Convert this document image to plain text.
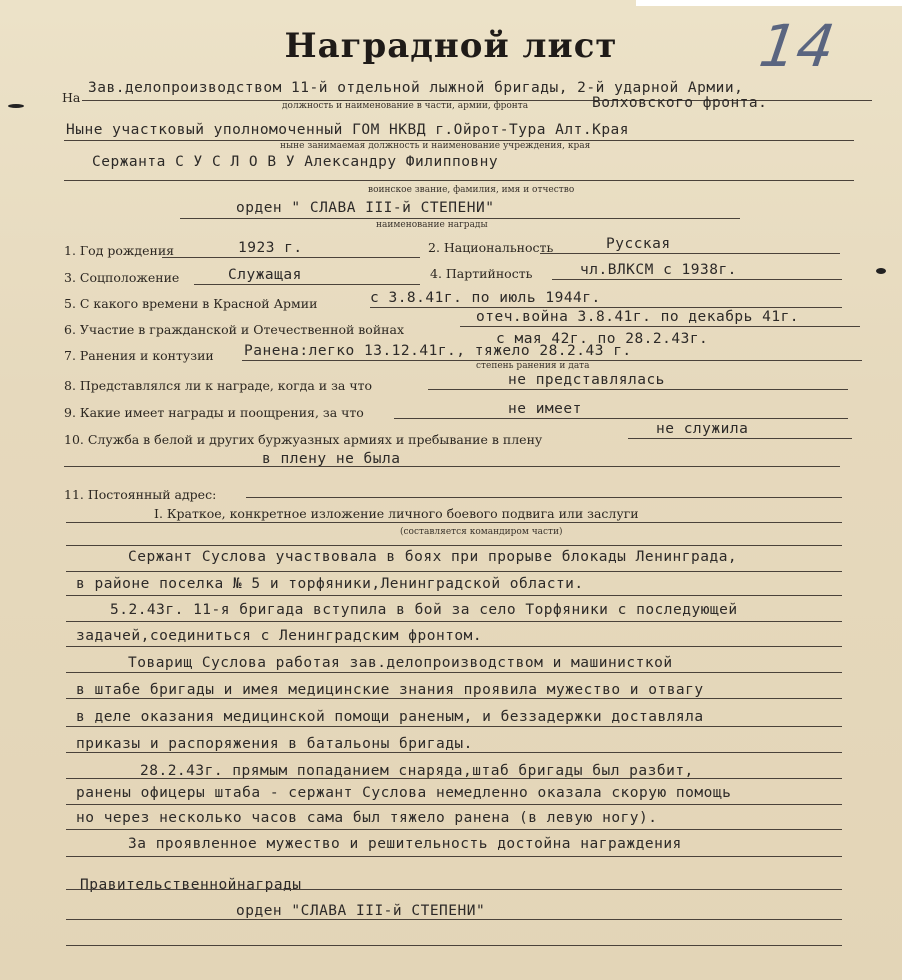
Наградной лист	14
На
Зав.делопроизводством 11-й отдельной лыжной бригады, 2-й ударной Армии,
должность и наименование в части, армии, фронта	Волховского фронта.
Ныне участковый уполномоченный ГОМ НКВД г.Ойрот-Тура Алт.Края
ныне занимаемая должность и наименование учреждения, края
Сержанта С У С Л О В У Александру Филипповну
воинское звание, фамилия, имя и отчество
орден " СЛАВА III-й СТЕПЕНИ"
наименование награды
1. Год рождения	1923 г.	2. Национальность	Русская
3. Соцположение	Служащая	4. Партийность	чл.ВЛКСМ с 1938г.
5. С какого времени в Красной Армии	с 3.8.41г. по июль 1944г.
6. Участие в гражданской и Отечественной войнах
отеч.война 3.8.41г. по декабрь 41г.
с мая 42г. по 28.2.43г.
7. Ранения и контузии Ранена:легко 13.12.41г., тяжело 28.2.43 г.
степень ранения и дата
8. Представлялся ли к награде, когда и за что	не представлялась
9. Какие имеет награды и поощрения, за что	не имеет
10. Служба в белой и других буржуазных армиях и пребывание в плену
не служила
в плену не была
11. Постоянный адрес:
I. Краткое, конкретное изложение личного боевого подвига или заслуги
(составляется командиром части)
Сержант Суслова участвовала в боях при прорыве блокады Ленинграда,
в районе поселка № 5 и торфяники,Ленинградской области.
5.2.43г. 11-я бригада вступила в бой за село Торфяники с последующей
задачей,соединиться с Ленинградским фронтом.
Товарищ Суслова работая зав.делопроизводством и машинисткой
в штабе бригады и имея медицинские знания проявила мужество и отвагу
в деле оказания медицинской помощи раненым, и беззадержки доставляла
приказы и распоряжения в батальоны бригады.
28.2.43г. прямым попаданием снаряда,штаб бригады был разбит,
ранены офицеры штаба - сержант Суслова немедленно оказала скорую помощь
но через несколько часов сама был тяжело ранена (в левую ногу).
За проявленное мужество и решительность достойна награждения
Правительственнойнаграды
орден "СЛАВА III-й СТЕПЕНИ"
